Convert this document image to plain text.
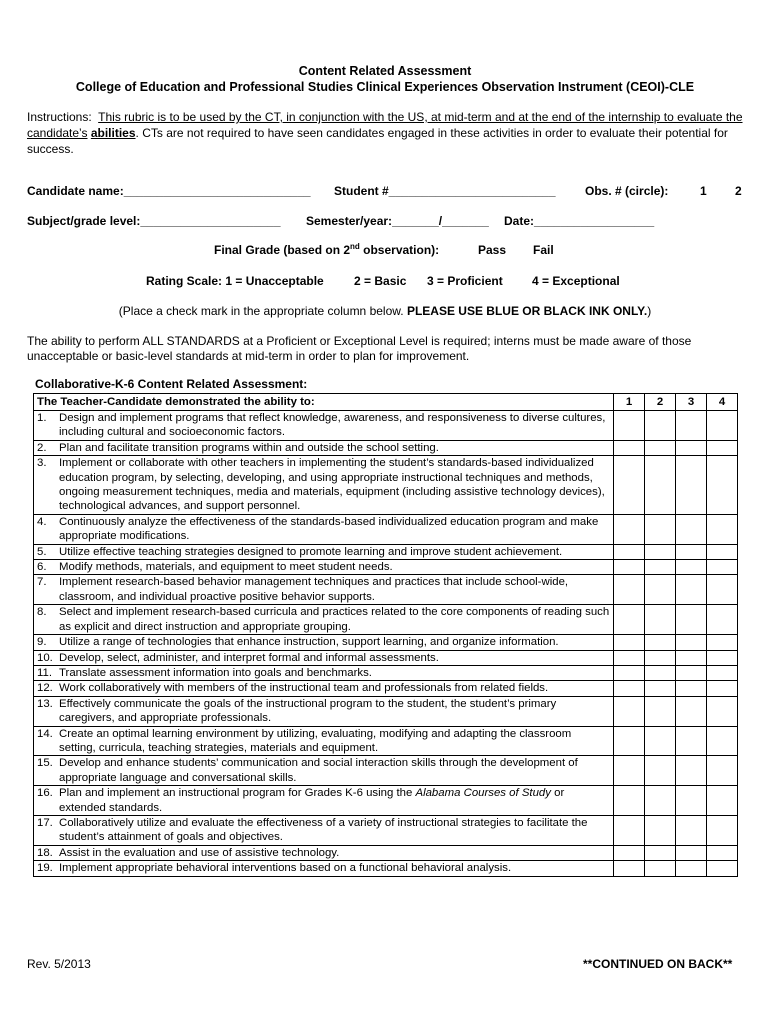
Content Related Assessment
College of Education and Professional Studies Clinical Experiences Observation Instrument (CEOI)-CLE
Instructions: This rubric is to be used by the CT, in conjunction with the US, at mid-term and at the end of the internship to evaluate the candidate’s abilities. CTs are not required to have seen candidates engaged in these activities in order to evaluate their potential for success.
Candidate name:____________________________ Student #_________________________ Obs. # (circle):	1 2
Subject/grade level:_____________________ Semester/year:_______/_______ Date:__________________
Final Grade (based on 2nd observation):	Pass Fail
Rating Scale: 1 = Unacceptable	2 = Basic 3 = Proficient 4 = Exceptional
(Place a check mark in the appropriate column below. PLEASE USE BLUE OR BLACK INK ONLY.)
The ability to perform ALL STANDARDS at a Proficient or Exceptional Level is required; interns must be made aware of those unacceptable or basic-level standards at mid-term in order to plan for improvement.
Collaborative-K-6 Content Related Assessment:
The Teacher-Candidate demonstrated the ability to:	1	2	3	4

1. Design and implement programs that reflect knowledge, awareness, and responsiveness to diverse cultures, including cultural and socioeconomic factors.				

2. Plan and facilitate transition programs within and outside the school setting.				

3. Implement or collaborate with other teachers in implementing the student’s standards-based individualized education program, by selecting, developing, and using appropriate instructional techniques and methods, ongoing measurement techniques, media and materials, equipment (including assistive technology devices), technological advances, and support personnel.				

4. Continuously analyze the effectiveness of the standards-based individualized education program and make appropriate modifications.				

5. Utilize effective teaching strategies designed to promote learning and improve student achievement.				

6. Modify methods, materials, and equipment to meet student needs.				

7. Implement research-based behavior management techniques and practices that include school-wide, classroom, and individual proactive positive behavior supports.				

8. Select and implement research-based curricula and practices related to the core components of reading such as explicit and direct instruction and appropriate grouping.				

9. Utilize a range of technologies that enhance instruction, support learning, and organize information.				

10. Develop, select, administer, and interpret formal and informal assessments.				

11. Translate assessment information into goals and benchmarks.				

12. Work collaboratively with members of the instructional team and professionals from related fields.				

13. Effectively communicate the goals of the instructional program to the student, the student’s primary caregivers, and appropriate professionals.				

14. Create an optimal learning environment by utilizing, evaluating, modifying and adapting the classroom setting, curricula, teaching strategies, materials and equipment.				

15. Develop and enhance students’ communication and social interaction skills through the development of appropriate language and conversational skills.				

16. Plan and implement an instructional program for Grades K-6 using the Alabama Courses of Study or extended standards.				

17. Collaboratively utilize and evaluate the effectiveness of a variety of instructional strategies to facilitate the student’s attainment of goals and objectives.				

18. Assist in the evaluation and use of assistive technology.				

19. Implement appropriate behavioral interventions based on a functional behavioral analysis.				

Rev. 5/2013	**CONTINUED ON BACK**
